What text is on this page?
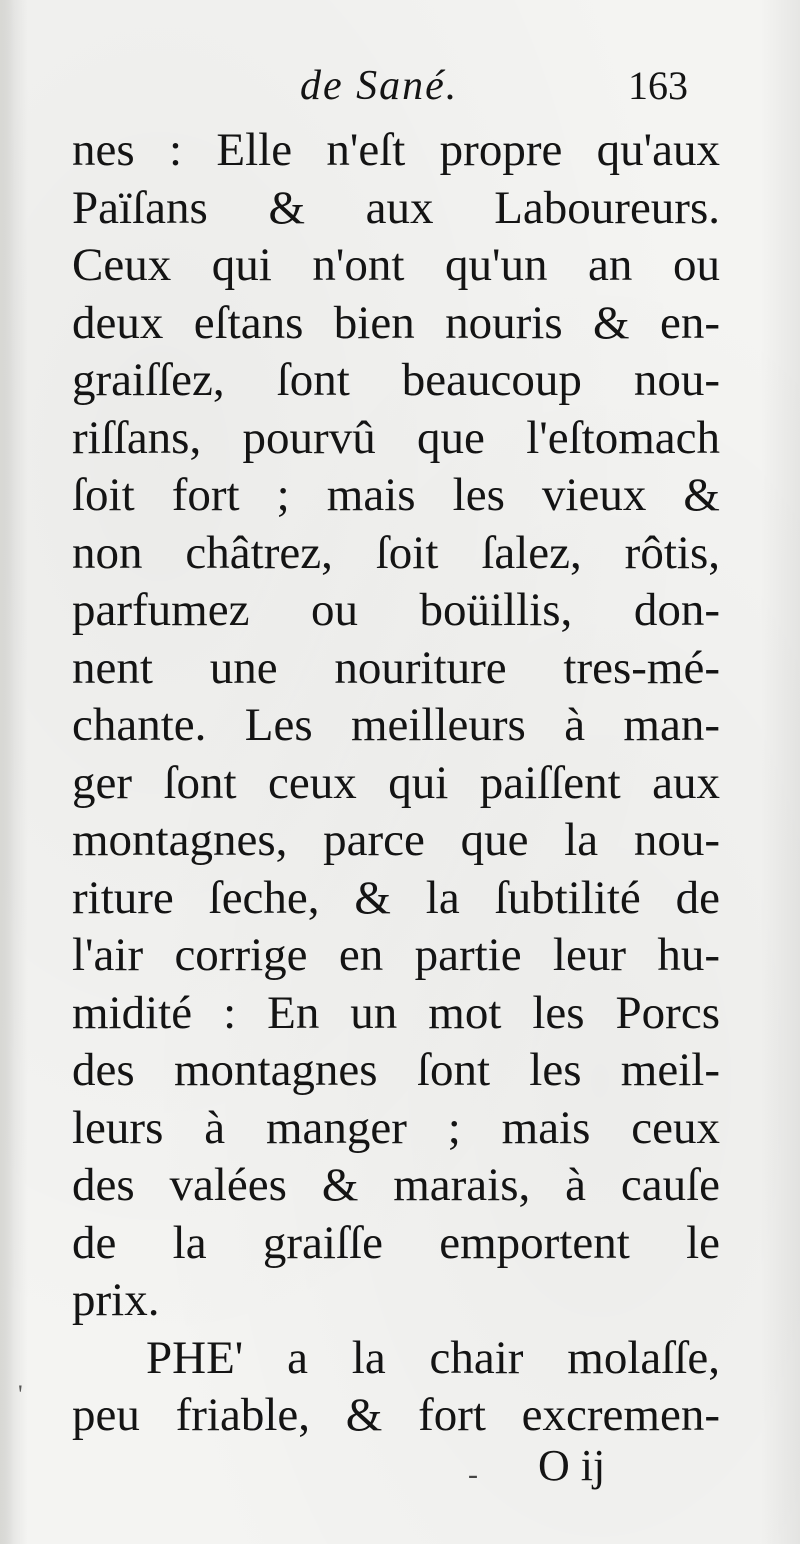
de Sané.	163
nes : Elle n'eſt propre qu'aux
Païſans & aux Laboureurs.
Ceux qui n'ont qu'un an ou
deux eſtans bien nouris & en-
graiſſez, ſont beaucoup nou-
riſſans, pourvû que l'eſtomach
ſoit fort ; mais les vieux &
non châtrez, ſoit ſalez, rôtis,
parfumez ou boüillis, don-
nent une nouriture tres-mé-
chante. Les meilleurs à man-
ger ſont ceux qui paiſſent aux
montagnes, parce que la nou-
riture ſeche, & la ſubtilité de
l'air corrige en partie leur hu-
midité : En un mot les Porcs
des montagnes ſont les meil-
leurs à manger ; mais ceux
des valées & marais, à cauſe
de la graiſſe emportent le
prix.
PHE' a la chair molaſſe,
peu friable, & fort excremen-
'
- O ij
